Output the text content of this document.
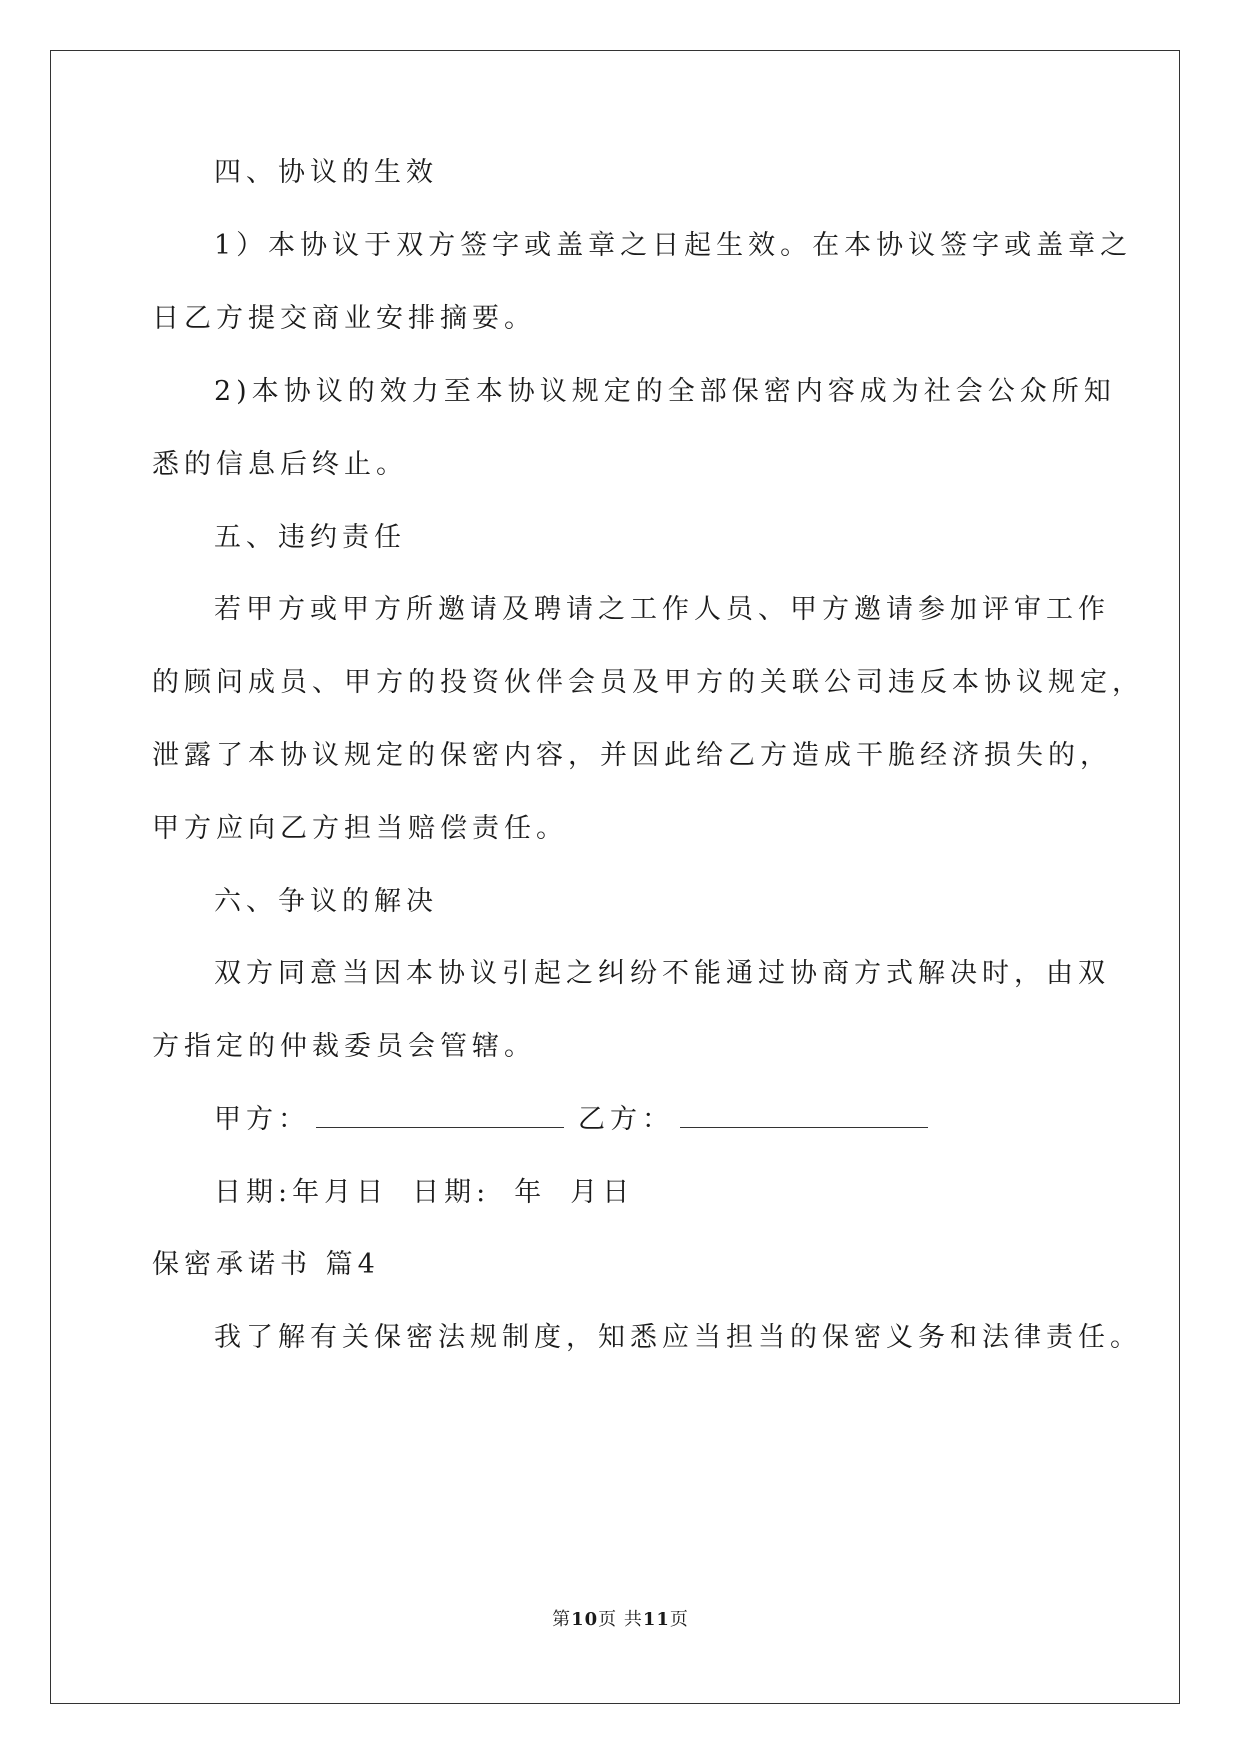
四、协议的生效
1）本协议于双方签字或盖章之日起生效。在本协议签字或盖章之
日乙方提交商业安排摘要。
2)本协议的效力至本协议规定的全部保密内容成为社会公众所知
悉的信息后终止。
五、违约责任
若甲方或甲方所邀请及聘请之工作人员、甲方邀请参加评审工作
的顾问成员、甲方的投资伙伴会员及甲方的关联公司违反本协议规定，
泄露了本协议规定的保密内容，并因此给乙方造成干脆经济损失的，
甲方应向乙方担当赔偿责任。
六、争议的解决
双方同意当因本协议引起之纠纷不能通过协商方式解决时，由双
方指定的仲裁委员会管辖。
甲方：	乙方：
日期:年月日 日期: 年 月日
保密承诺书 篇4
我了解有关保密法规制度，知悉应当担当的保密义务和法律责任。
第10页 共11页
